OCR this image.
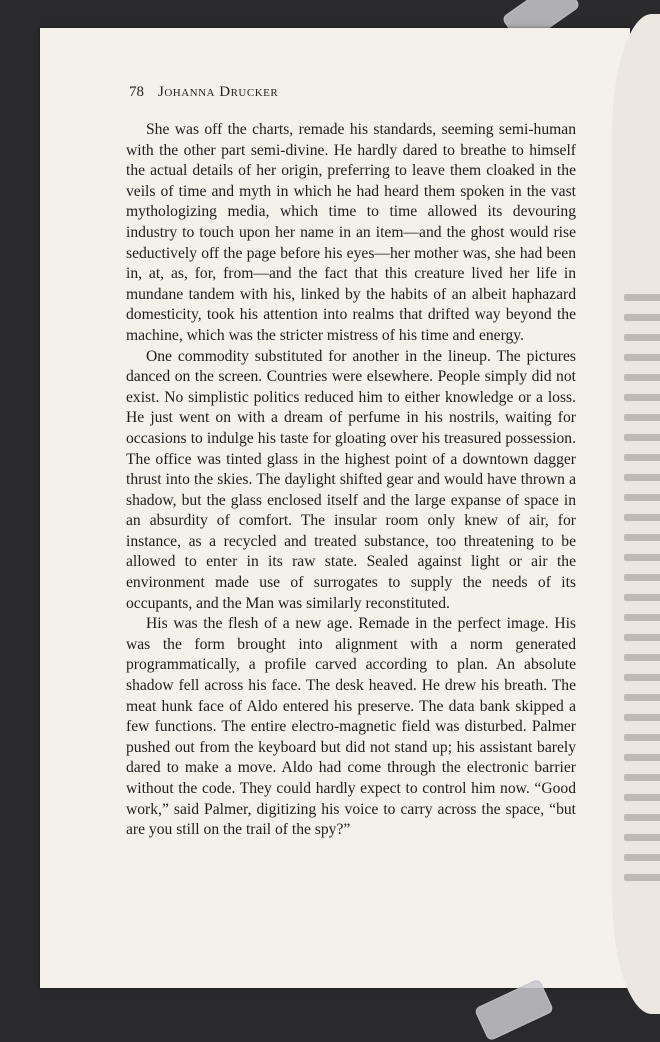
78 Johanna Drucker

She was off the charts, remade his standards, seeming semi-human with the other part semi-divine. He hardly dared to breathe to himself the actual details of her origin, preferring to leave them cloaked in the veils of time and myth in which he had heard them spoken in the vast mythologizing media, which time to time allowed its devouring industry to touch upon her name in an item—and the ghost would rise seductively off the page before his eyes—her mother was, she had been in, at, as, for, from—and the fact that this creature lived her life in mundane tandem with his, linked by the habits of an albeit haphazard domesticity, took his attention into realms that drifted way beyond the machine, which was the stricter mistress of his time and energy.

One commodity substituted for another in the lineup. The pictures danced on the screen. Countries were elsewhere. People simply did not exist. No simplistic politics reduced him to either knowledge or a loss. He just went on with a dream of perfume in his nostrils, waiting for occasions to indulge his taste for gloating over his treasured possession. The office was tinted glass in the highest point of a downtown dagger thrust into the skies. The daylight shifted gear and would have thrown a shadow, but the glass enclosed itself and the large expanse of space in an absurdity of comfort. The insular room only knew of air, for instance, as a recycled and treated substance, too threatening to be allowed to enter in its raw state. Sealed against light or air the environment made use of surrogates to supply the needs of its occupants, and the Man was similarly reconstituted.

His was the flesh of a new age. Remade in the perfect image. His was the form brought into alignment with a norm generated programmatically, a profile carved according to plan. An absolute shadow fell across his face. The desk heaved. He drew his breath. The meat hunk face of Aldo entered his preserve. The data bank skipped a few functions. The entire electro-magnetic field was disturbed. Palmer pushed out from the keyboard but did not stand up; his assistant barely dared to make a move. Aldo had come through the electronic barrier without the code. They could hardly expect to control him now. “Good work,” said Palmer, digitizing his voice to carry across the space, “but are you still on the trail of the spy?”
